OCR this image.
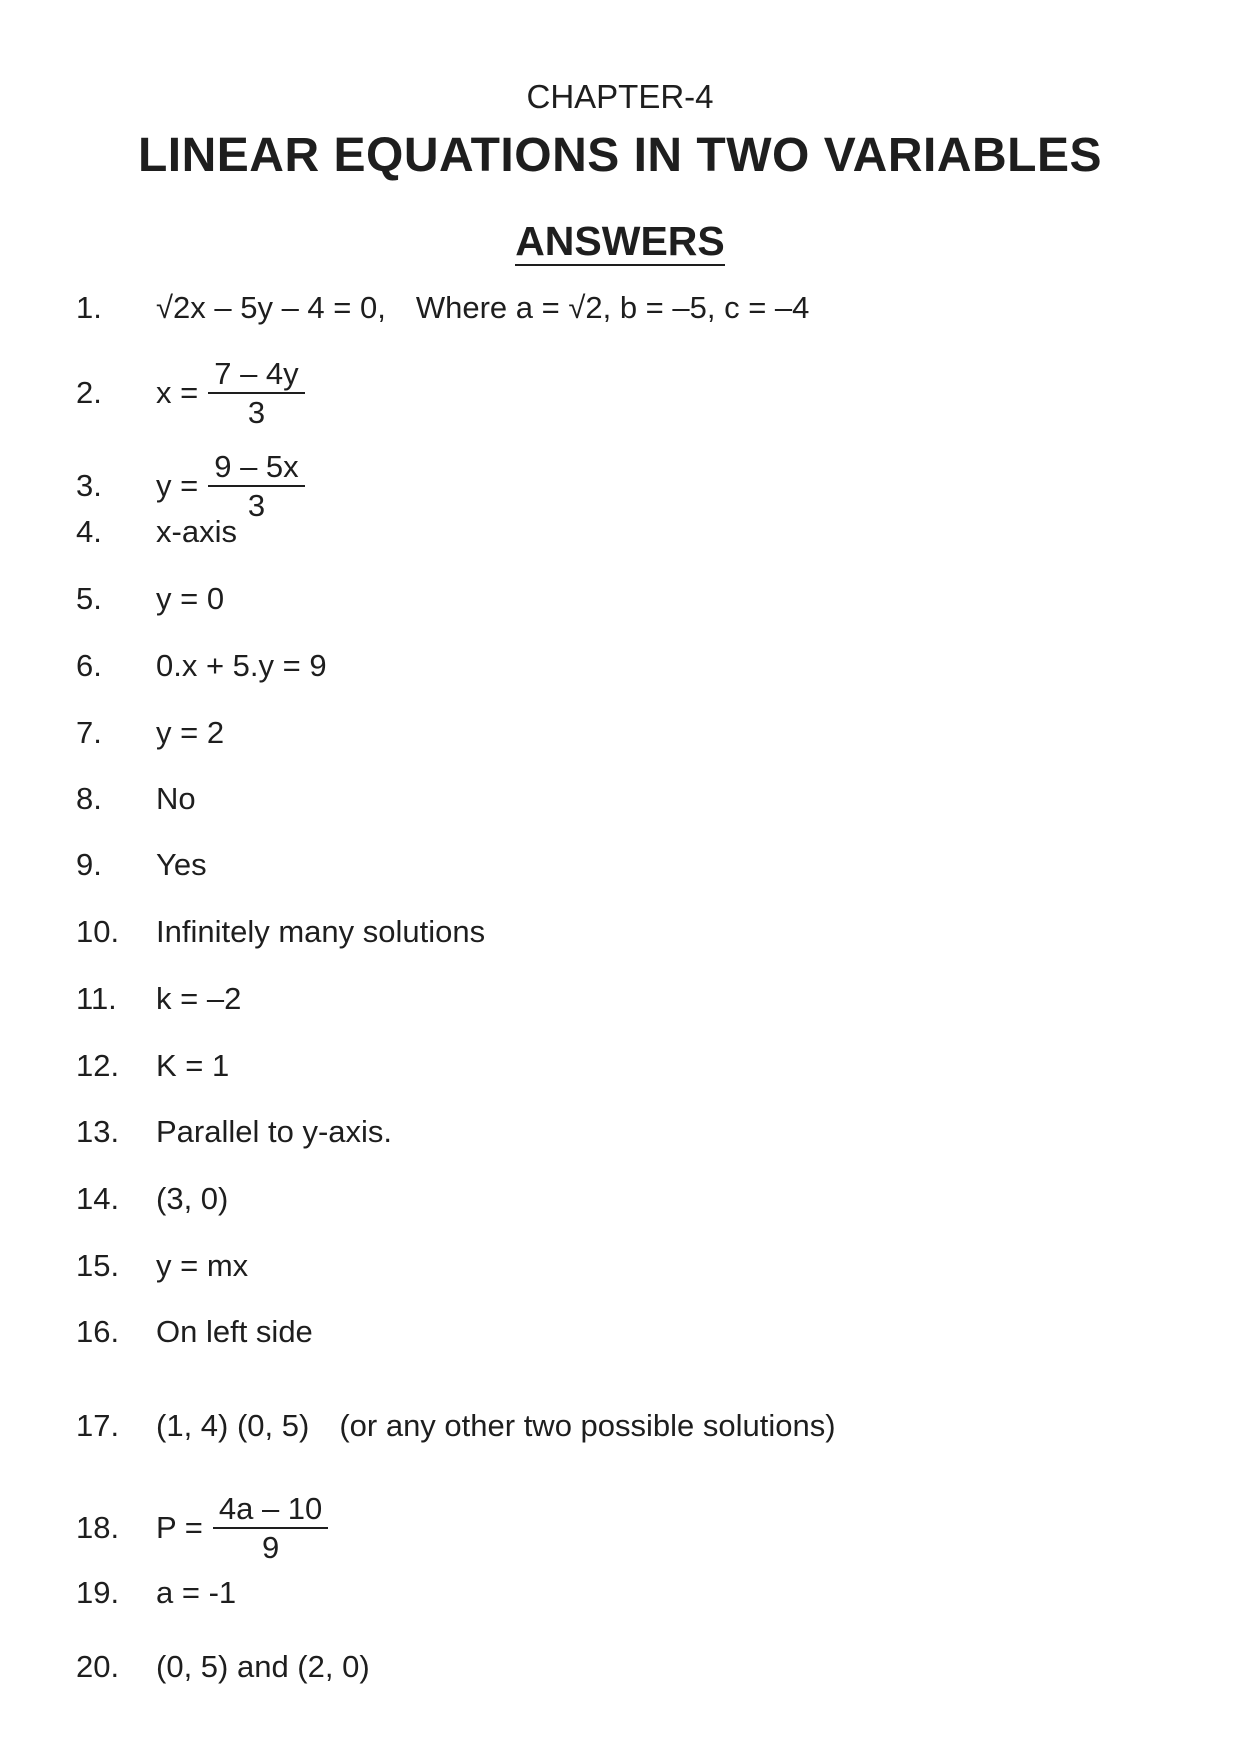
CHAPTER-4
LINEAR EQUATIONS IN TWO VARIABLES
ANSWERS
1.	√2x – 5y – 4 = 0, Where a = √2, b = –5, c = –4
2.	$x = \frac{7 - 4y}{3}$
3.	$y = \frac{9 - 5x}{3}$
4.	x-axis
5.	y = 0
6.	0.x + 5.y = 9
7.	y = 2
8.	No
9.	Yes
10.	Infinitely many solutions
11.	k = –2
12.	K = 1
13.	Parallel to y-axis.
14.	(3, 0)
15.	y = mx
16.	On left side
17.	(1, 4) (0, 5) (or any other two possible solutions)
18.	$P = \frac{4a - 10}{9}$
19.	a = -1
20.	(0, 5) and (2, 0)
